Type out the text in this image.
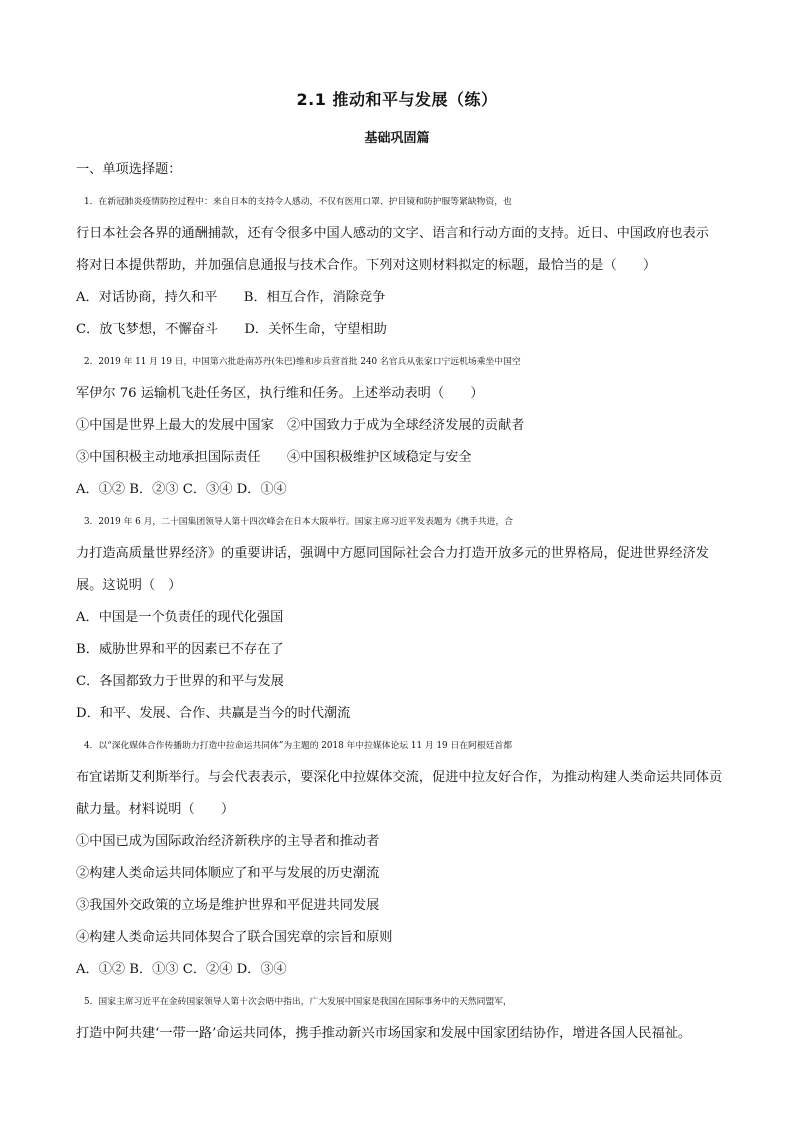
2.1 推动和平与发展（练）
基础巩固篇
一、单项选择题：
1．在新冠肺炎疫情防控过程中：来自日本的支持令人感动，不仅有医用口罩、护目镜和防护服等紧缺物资，也
行日本社会各界的通酬捕款，还有令很多中国人感动的文字、语言和行动方面的支持。近日、中国政府也表示
将对日本提供帮助，并加强信息通报与技术合作。下列对这则材料拟定的标题，最恰当的是（　　）
A．对话协商，持久和平　　B．相互合作，消除竞争
C．放飞梦想，不懈奋斗　　D．关怀生命，守望相助
2．2019 年 11 月 19 日，中国第六批赴南苏丹(朱巴)维和步兵营首批 240 名官兵从张家口宁远机场乘坐中国空
军伊尔 76 运输机飞赴任务区，执行维和任务。上述举动表明（　　）
①中国是世界上最大的发展中国家　②中国致力于成为全球经济发展的贡献者
③中国积极主动地承担国际责任　　④中国积极维护区域稳定与安全
A．①② B．②③ C．③④ D．①④
3．2019 年 6 月，二十国集团领导人第十四次峰会在日本大阪举行。国家主席习近平发表题为《携手共进，合
力打造高质量世界经济》的重要讲话，强调中方愿同国际社会合力打造开放多元的世界格局，促进世界经济发
展。这说明（　）
A．中国是一个负责任的现代化强国
B．威胁世界和平的因素已不存在了
C．各国都致力于世界的和平与发展
D．和平、发展、合作、共赢是当今的时代潮流
4．以“深化媒体合作传播助力打造中拉命运共同体”为主题的 2018 年中拉媒体论坛 11 月 19 日在阿根廷首都
布宜诺斯艾利斯举行。与会代表表示，要深化中拉媒体交流，促进中拉友好合作，为推动构建人类命运共同体贡
献力量。材料说明（　　）
①中国已成为国际政治经济新秩序的主导者和推动者
②构建人类命运共同体顺应了和平与发展的历史潮流
③我国外交政策的立场是维护世界和平促进共同发展
④构建人类命运共同体契合了联合国宪章的宗旨和原则
A．①② B．①③ C．②④ D．③④
5．国家主席习近平在金砖国家领导人第十次会晤中指出，广大发展中国家是我国在国际事务中的天然同盟军，
打造中阿共建‘一带一路’命运共同体，携手推动新兴市场国家和发展中国家团结协作，增进各国人民福祉。
